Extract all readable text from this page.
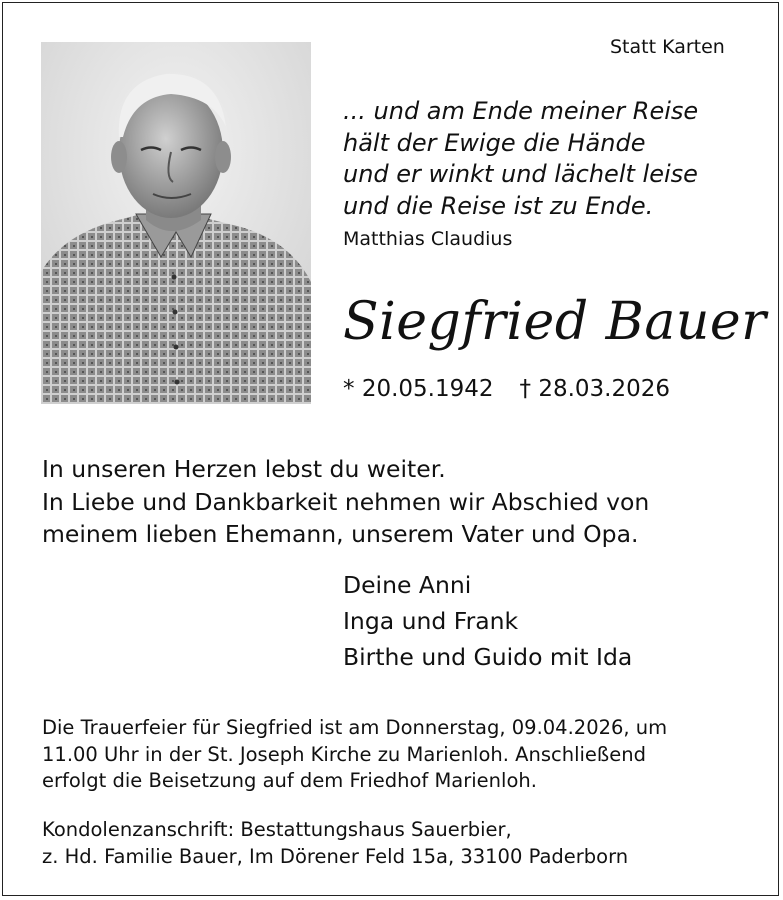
Statt Karten
... und am Ende meiner Reise
hält der Ewige die Hände
und er winkt und lächelt leise
und die Reise ist zu Ende.
Matthias Claudius
Siegfried Bauer
* 20.05.1942 † 28.03.2026
In unseren Herzen lebst du weiter.
In Liebe und Dankbarkeit nehmen wir Abschied von
meinem lieben Ehemann, unserem Vater und Opa.
Deine Anni
Inga und Frank
Birthe und Guido mit Ida
Die Trauerfeier für Siegfried ist am Donnerstag, 09.04.2026, um
11.00 Uhr in der St. Joseph Kirche zu Marienloh. Anschließend
erfolgt die Beisetzung auf dem Friedhof Marienloh.
Kondolenzanschrift: Bestattungshaus Sauerbier,
z. Hd. Familie Bauer, Im Dörener Feld 15a, 33100 Paderborn
